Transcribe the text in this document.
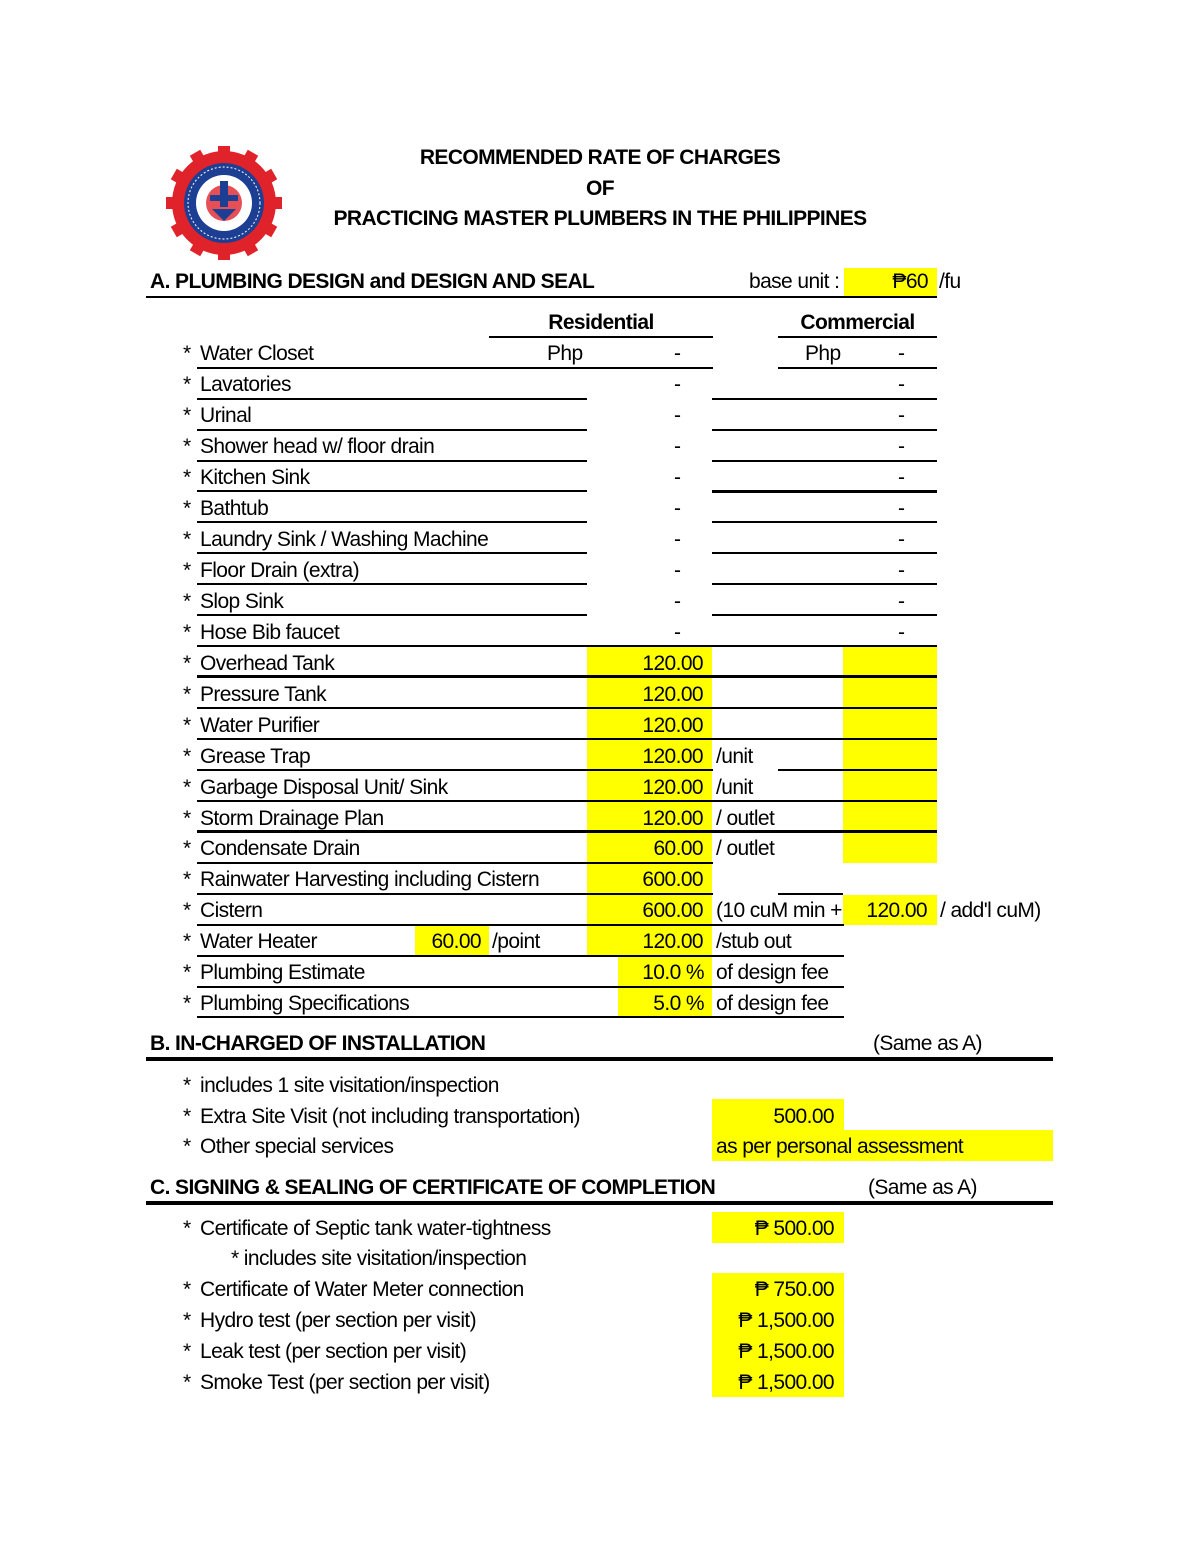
RECOMMENDED RATE OF CHARGES
OF
PRACTICING MASTER PLUMBERS IN THE PHILIPPINES
A. PLUMBING DESIGN and DESIGN AND SEAL	base unit :	₱60 /fu
Residential	Commercial
* Water Closet	Php	-	Php	-
* Lavatories	-	-
* Urinal	-	-
* Shower head w/ floor drain	-	-
* Kitchen Sink	-	-
* Bathtub	-	-
* Laundry Sink / Washing Machine	-	-
* Floor Drain (extra)	-	-
* Slop Sink	-	-
* Hose Bib faucet	-	-
* Overhead Tank	120.00
* Pressure Tank	120.00
* Water Purifier	120.00
* Grease Trap	120.00 /unit
* Garbage Disposal Unit/ Sink	120.00 /unit
* Storm Drainage Plan	120.00 / outlet
* Condensate Drain	60.00 / outlet
* Rainwater Harvesting including Cistern	600.00
* Cistern	600.00 (10 cuM min +	120.00 / add'l cuM)
* Water Heater	60.00 /point	120.00 /stub out
* Plumbing Estimate	10.0 % of design fee
* Plumbing Specifications	5.0 % of design fee
B. IN-CHARGED OF INSTALLATION	(Same as A)
* includes 1 site visitation/inspection
* Extra Site Visit (not including transportation)	500.00
* Other special services	as per personal assessment
C. SIGNING & SEALING OF CERTIFICATE OF COMPLETION	(Same as A)
* Certificate of Septic tank water-tightness	₱ 500.00
* includes site visitation/inspection
* Certificate of Water Meter connection	₱ 750.00
* Hydro test (per section per visit)	₱ 1,500.00
* Leak test (per section per visit)	₱ 1,500.00
* Smoke Test (per section per visit)	₱ 1,500.00
